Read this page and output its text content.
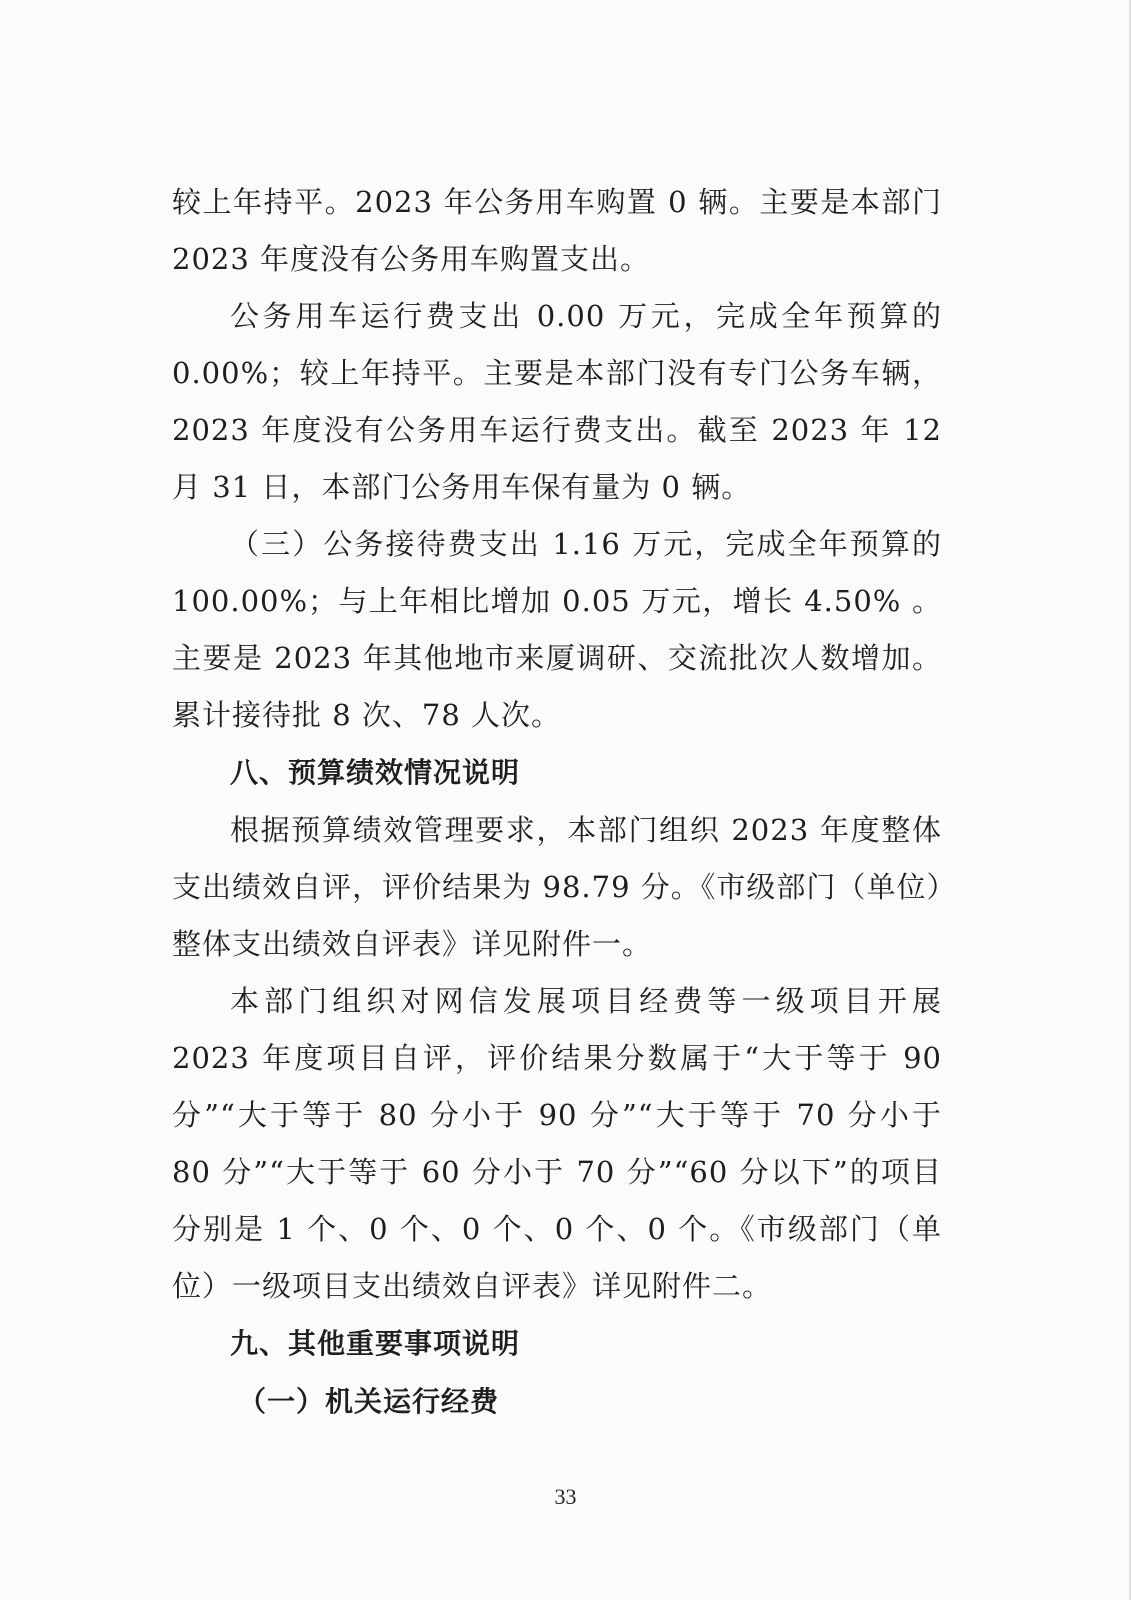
较上年持平。2023 年公务用车购置 0 辆。主要是本部门 2023 年度没有公务用车购置支出。

公务用车运行费支出 0.00 万元，完成全年预算的 0.00%；较上年持平。主要是本部门没有专门公务车辆，2023 年度没有公务用车运行费支出。截至 2023 年 12 月 31 日，本部门公务用车保有量为 0 辆。

（三）公务接待费支出 1.16 万元，完成全年预算的 100.00%；与上年相比增加 0.05 万元，增长 4.50% 。主要是 2023 年其他地市来厦调研、交流批次人数增加。累计接待批 8 次、78 人次。

八、预算绩效情况说明

根据预算绩效管理要求，本部门组织 2023 年度整体支出绩效自评，评价结果为 98.79 分。《市级部门（单位）整体支出绩效自评表》详见附件一。

本部门组织对网信发展项目经费等一级项目开展 2023 年度项目自评，评价结果分数属于“大于等于 90 分”“大于等于 80 分小于 90 分”“大于等于 70 分小于 80 分”“大于等于 60 分小于 70 分”“60 分以下”的项目分别是 1 个、0 个、0 个、0 个、0 个。《市级部门（单位）一级项目支出绩效自评表》详见附件二。

九、其他重要事项说明

（一）机关运行经费

33
